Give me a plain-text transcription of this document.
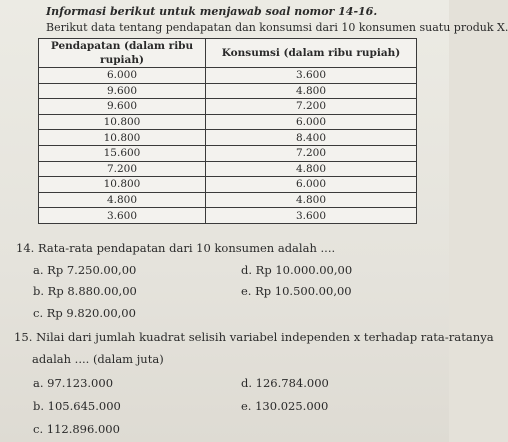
Informasi berikut untuk menjawab soal nomor 14-16.
Berikut data tentang pendapatan dan konsumsi dari 10 konsumen suatu produk X.
Pendapatan (dalam ribu rupiah)	Konsumsi (dalam ribu rupiah)
6.000	3.600
9.600	4.800
9.600	7.200
10.800	6.000
10.800	8.400
15.600	7.200
7.200	4.800
10.800	6.000
4.800	4.800
3.600	3.600
14. Rata-rata pendapatan dari 10 konsumen adalah ....
a. Rp 7.250.00,00	d. Rp 10.000.00,00
b. Rp 8.880.00,00	e. Rp 10.500.00,00
c. Rp 9.820.00,00
15. Nilai dari jumlah kuadrat selisih variabel independen x terhadap rata-ratanya
adalah .... (dalam juta)
a. 97.123.000	d. 126.784.000
b. 105.645.000	e. 130.025.000
c. 112.896.000
